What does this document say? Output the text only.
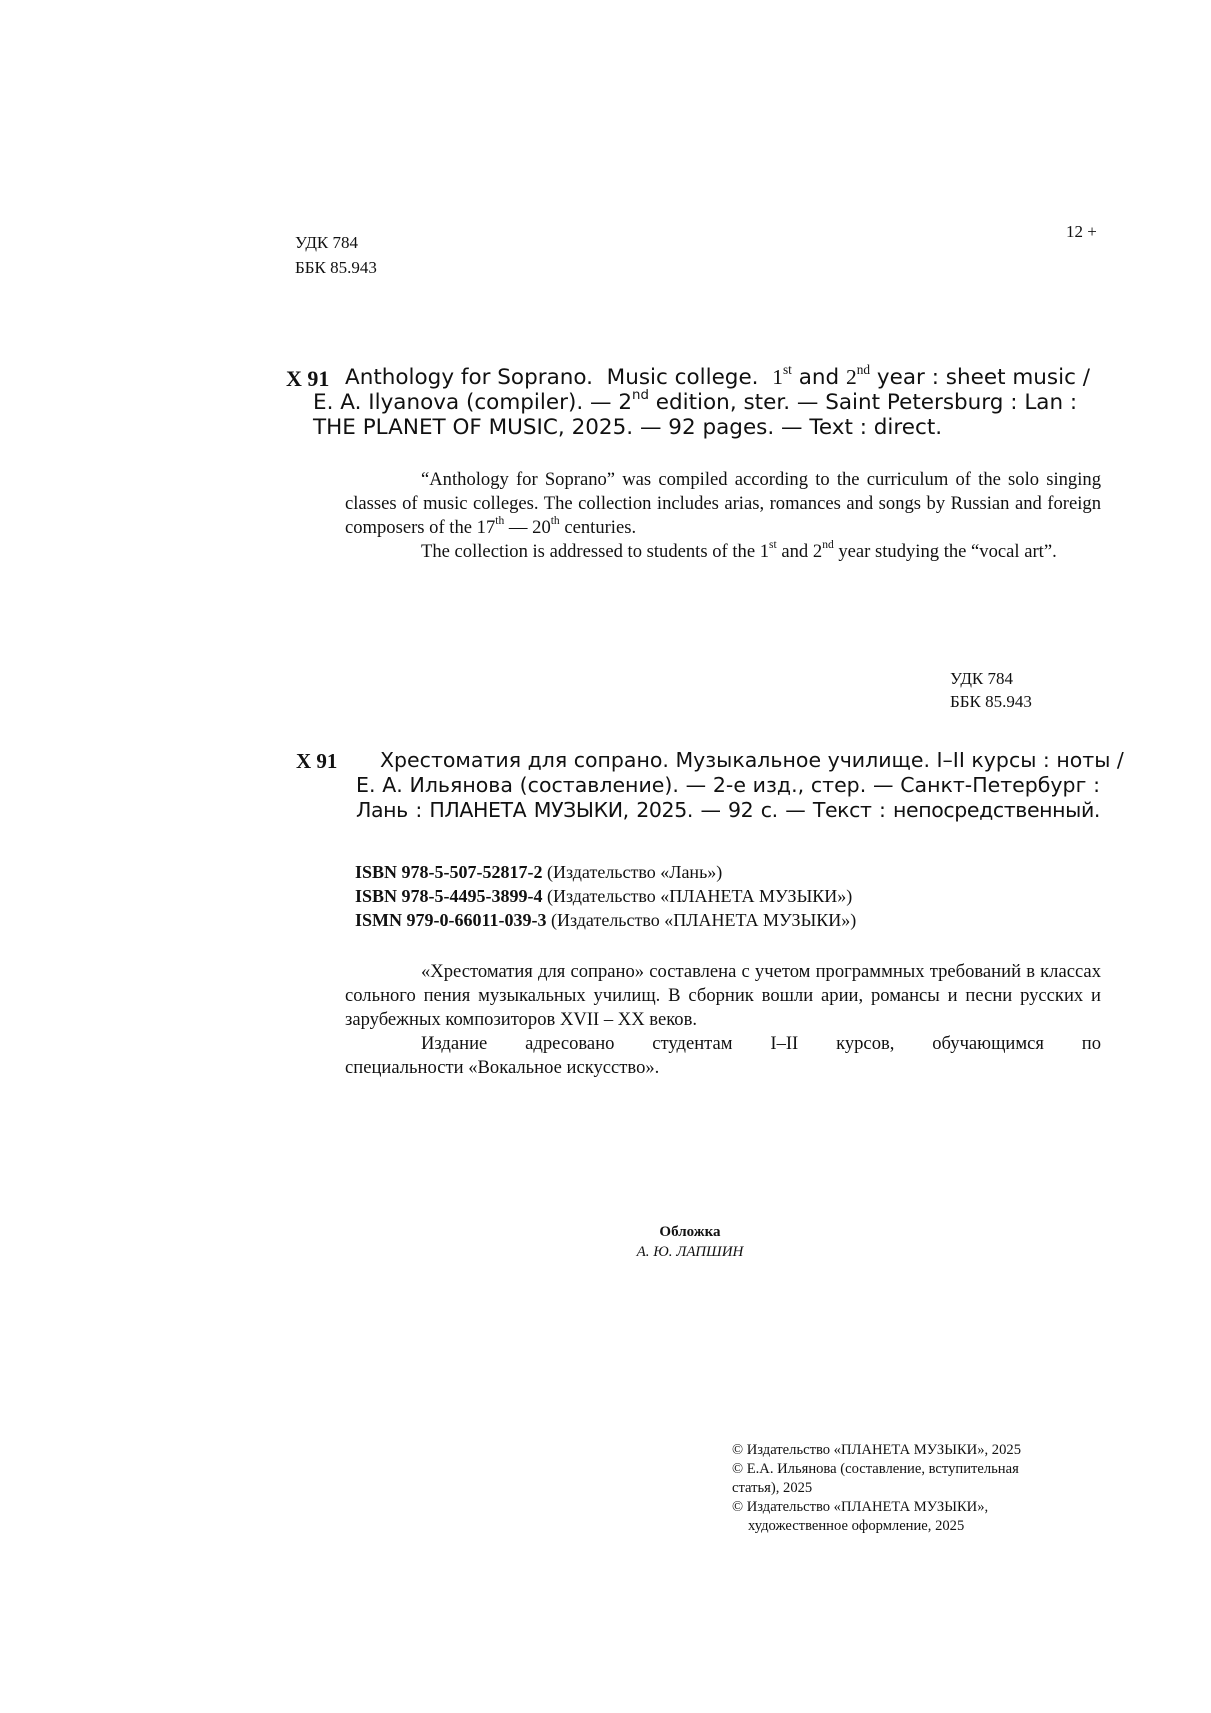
УДК 784
ББК 85.943
12 +
Х 91 Anthology for Soprano. Music college. 1st and 2nd year : sheet music /
E. A. Ilyanova (compiler). — 2nd edition, ster. — Saint Petersburg : Lan :
THE PLANET OF MUSIC, 2025. — 92 pages. — Text : direct.
“Anthology for Soprano” was compiled according to the curriculum of the solo singing classes of music colleges. The collection includes arias, romances and songs by Russian and foreign composers of the 17th — 20th centuries.
The collection is addressed to students of the 1st and 2nd year studying the “vocal art”.
УДК 784
ББК 85.943
Х 91 Хрестоматия для сопрано. Музыкальное училище. I–II курсы : ноты /
Е. А. Ильянова (составление). — 2-е изд., стер. — Санкт-Петербург :
Лань : ПЛАНЕТА МУЗЫКИ, 2025. — 92 с. — Текст : непосредственный.
ISBN 978-5-507-52817-2 (Издательство «Лань»)
ISBN 978-5-4495-3899-4 (Издательство «ПЛАНЕТА МУЗЫКИ»)
ISMN 979-0-66011-039-3 (Издательство «ПЛАНЕТА МУЗЫКИ»)
«Хрестоматия для сопрано» составлена с учетом программных требований в классах сольного пения музыкальных училищ. В сборник вошли арии, романсы и песни русских и зарубежных композиторов XVII – XX веков.
Издание адресовано студентам I–II курсов, обучающимся по
специальности «Вокальное искусство».
Обложка
А. Ю. ЛАПШИН
© Издательство «ПЛАНЕТА МУЗЫКИ», 2025
© Е.А. Ильянова (составление, вступительная
статья), 2025
© Издательство «ПЛАНЕТА МУЗЫКИ»,
художественное оформление, 2025
